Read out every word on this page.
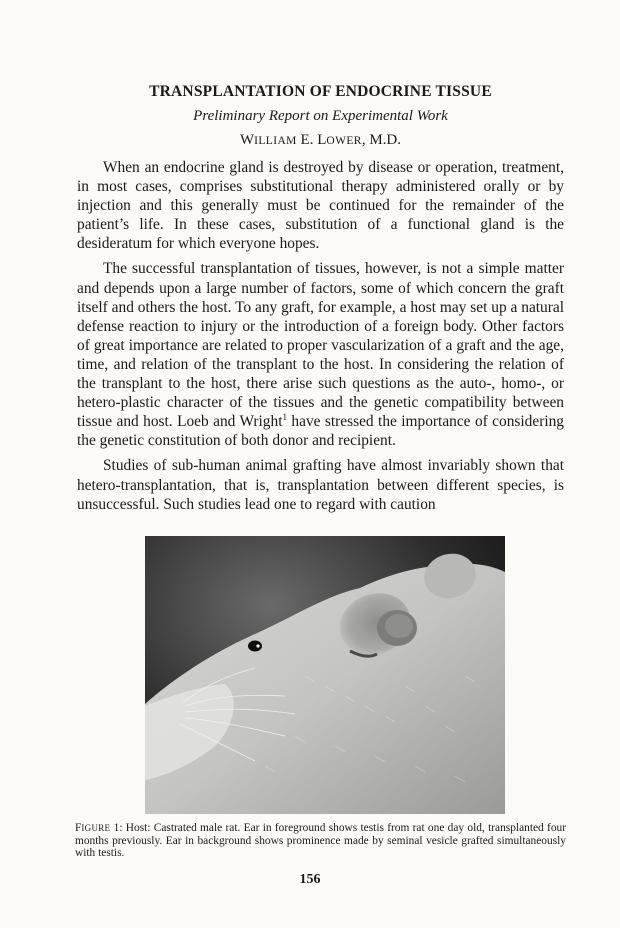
TRANSPLANTATION OF ENDOCRINE TISSUE

Preliminary Report on Experimental Work

WILLIAM E. LOWER, M.D.

When an endocrine gland is destroyed by disease or operation, treatment, in most cases, comprises substitutional therapy administered orally or by injection and this generally must be continued for the remainder of the patient’s life. In these cases, substitution of a functional gland is the desideratum for which everyone hopes.

The successful transplantation of tissues, however, is not a simple matter and depends upon a large number of factors, some of which concern the graft itself and others the host. To any graft, for example, a host may set up a natural defense reaction to injury or the introduction of a foreign body. Other factors of great importance are related to proper vascularization of a graft and the age, time, and relation of the transplant to the host. In considering the relation of the transplant to the host, there arise such questions as the auto-, homo-, or hetero-plastic character of the tissues and the genetic compatibility between tissue and host. Loeb and Wright$^1$ have stressed the importance of considering the genetic constitution of both donor and recipient.

Studies of sub-human animal grafting have almost invariably shown that hetero-transplantation, that is, transplantation between different species, is unsuccessful. Such studies lead one to regard with caution

FIGURE 1: Host: Castrated male rat. Ear in foreground shows testis from rat one day old, transplanted four months previously. Ear in background shows prominence made by seminal vesicle grafted simultaneously with testis.

156
